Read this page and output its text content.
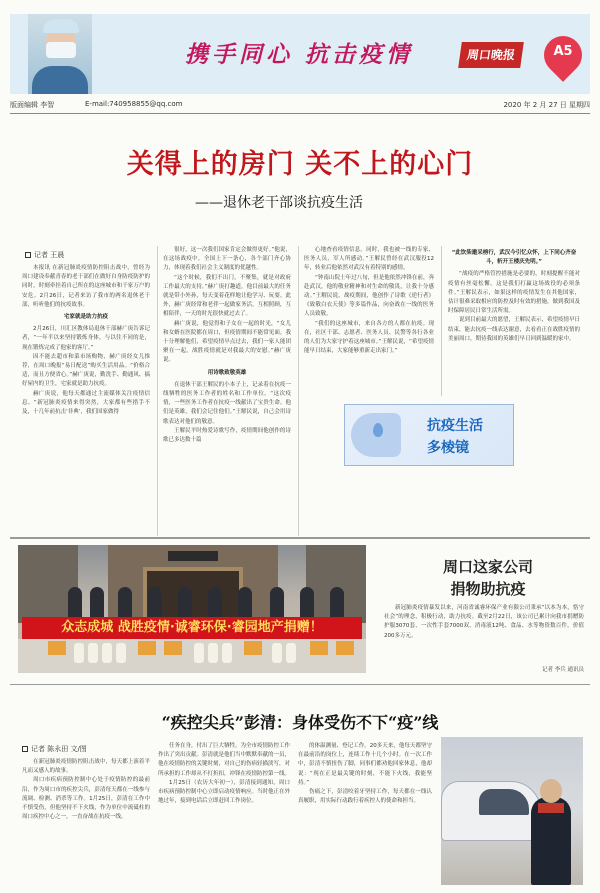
携手同心 抗击疫情	周口晚报	A5
版面编辑 李智	E-mail:740958855@qq.com	2020 年 2 月 27 日 星期四
关得上的房门 关不上的心门
——退休老干部谈抗疫生活
记者 王晨

本报讯 在新冠肺炎疫情防控阻击战中，曾经为周口建设奉献青春的老干部们在做好自身防疫防护的同时，时刻牵挂着自己所在的这座城市和千家万户的安危。2月26日，记者来访了我市的两名退休老干部，听听他们的抗疫故事。

宅家就是助力抗疫

2月26日，川汇区教体局退休干部赫广庚告诉记者，“一年半以来坚持锻炼身体，与以往不同的是，现在锻炼完成了他家的客厅。”

因不能去超市和菜市场购物，赫广庚经女儿推荐，在周口晚报“易日配送”购买生活用品。“价格合适，而且方便省心。”赫广庚说，勤洗手、勤通风、搞好屋内的卫生，宅家就是助力抗疫。

赫广庚说，他每天都通过主流媒体关注疫情信息。“新冠肺炎疫情来得突然，大家都有些措手不及，十几年前抗击‘非典’，我们国家做得

很好，这一次我们国家肯定会做得更好。”他说，在这场战疫中，全国上下一条心，各个部门齐心协力，体现着我们社会主义制度的优越性。

“这个时候，我们不出门，不聚集，就是对政府工作最大的支持。”赫广庚打趣道，他目前最大的任务就是带小外孙，每天变着花样地让他学习、玩耍。此外，赫广庚经常和老伴一起做家务活，互相照顾，互相陪伴，一天的时光很快就过去了。

赫广庚说，他觉得和子女在一起的时光，“女儿和女婿在医院都在周口，但疫情期间不能常见面。我十分理解他们，希望疫情早点过去，我们一家人能团聚在一起，战胜疫情就是对我最大的安慰。”赫广庚说。

用诗歌致敬英雄

在退休干部王解民的小本子上，记录着在抗疫一线牺牲的医务工作者的姓名和工作单位。“这次疫情，一些医务工作者在抗疫一线献出了宝贵生命。他们是英雄，我们会记住他们。”王解民说，自己会用诗歌表达对他们的敬意。

王解民平时热爱诗歌写作，疫情期间他创作的诗歌已多达数十篇

心地查看疫情信息。同时，我也被一线的专家、医务人员、军人所感动。”王解民曾经在武汉服役12年，转业后他依然对武汉有着特别的感情。

“钟南山院士年过八旬，但是他依然冲锋在前，奔赴武汉，他的敬业精神和对生命的敬畏，让我十分感动。”王解民说，战疫期间，他创作了诗歌《逆行者》《致敬白衣天使》等多篇作品，向奋战在一线的医务人员致敬。

“我们的这座城市，来自各方的人都在抗疫。现在，社区干部、志愿者、医务人员、民警等各行各业的人们为大家守护着这座城市。”王解民说，“希望疫情能早日结束，大家能够重新走出家门。”

“此饮柴邀采榜行，武汉今引忆众怀，上下同心齐奋斗，斩开王楼庆先明。”

“战疫的严格管控措施是必要的，时刻提醒不能对疫情有丝毫松懈，这是我们打赢这场战役的必须条件。”王解民表示，如果这样的疫情发生在其他国家，估计很难采取相应的防控及时有效的措施，做到我国及时保障居民日常生活所需。

说到目前最大的愿望，王解民表示，希望疫情早日结束，能去抗疫一线表达谢意，去看看正在战胜疫情的美丽周口，期待我国的英雄们早日回到温暖的家中。

抗疫生活
多棱镜
众志成城 战胜疫情·诚睿环保·睿园地产捐赠！
周口这家公司
捐物助抗疫

新冠肺炎疫情暴发以来，河南省诚睿环保产业有限公司秉承“以本为本，恪守社会”的理念，积极行动，助力抗疫。截至2月22日，该公司已累计向我市捐赠防护服3070套、一次性手套7000双、消毒液12吨、食品、水等物资数百件，价值200多万元。

记者 李兵 通讯员
“疾控尖兵”彭清：身体受伤不下“疫”线
记者 陈永田 文/图

在新冠肺炎疫情防控阻击战中，每天都上演着平凡而又感人的故事。

周口市疾病预防控制中心处于疫情防控的最前沿，作为周口市的疾控尖兵，彭清每天都在一线参与流调、检测、消杀等工作。1月25日，彭清在工作中不慎受伤，但他坚持不下火线，作为单位中流砥柱的周口疾控中心之一，一直奋战在抗疫一线。

任务在身，付出了巨大牺牲。为全市疫情防控工作作出了突出贡献。彭清就是他们当中默默奉献的一员，他在疫情防控的关键时刻，对自己的伤病轻描淡写，对所承担的工作却从不打折扣，冲锋在疫情防控第一线。

1月25日（农历大年初一），彭清接到通知，周口市疾病预防控制中心立即启动疫情响应。当时他正在外地过年，接到电话后立即赶回工作岗位。

的体温测量、登记工作。20多天来，他每天都坚守在最前沿的岗位上，连续工作十几个小时。在一次工作中，彭清不慎扭伤了脚，同事们都劝他回家休息，他却说：“现在正是最关键的时刻，不能下火线，我能坚持。”

伤痛之下，彭清咬着牙坚持工作，每天都在一线认真履职，用实际行动践行着疾控人的使命和担当。
